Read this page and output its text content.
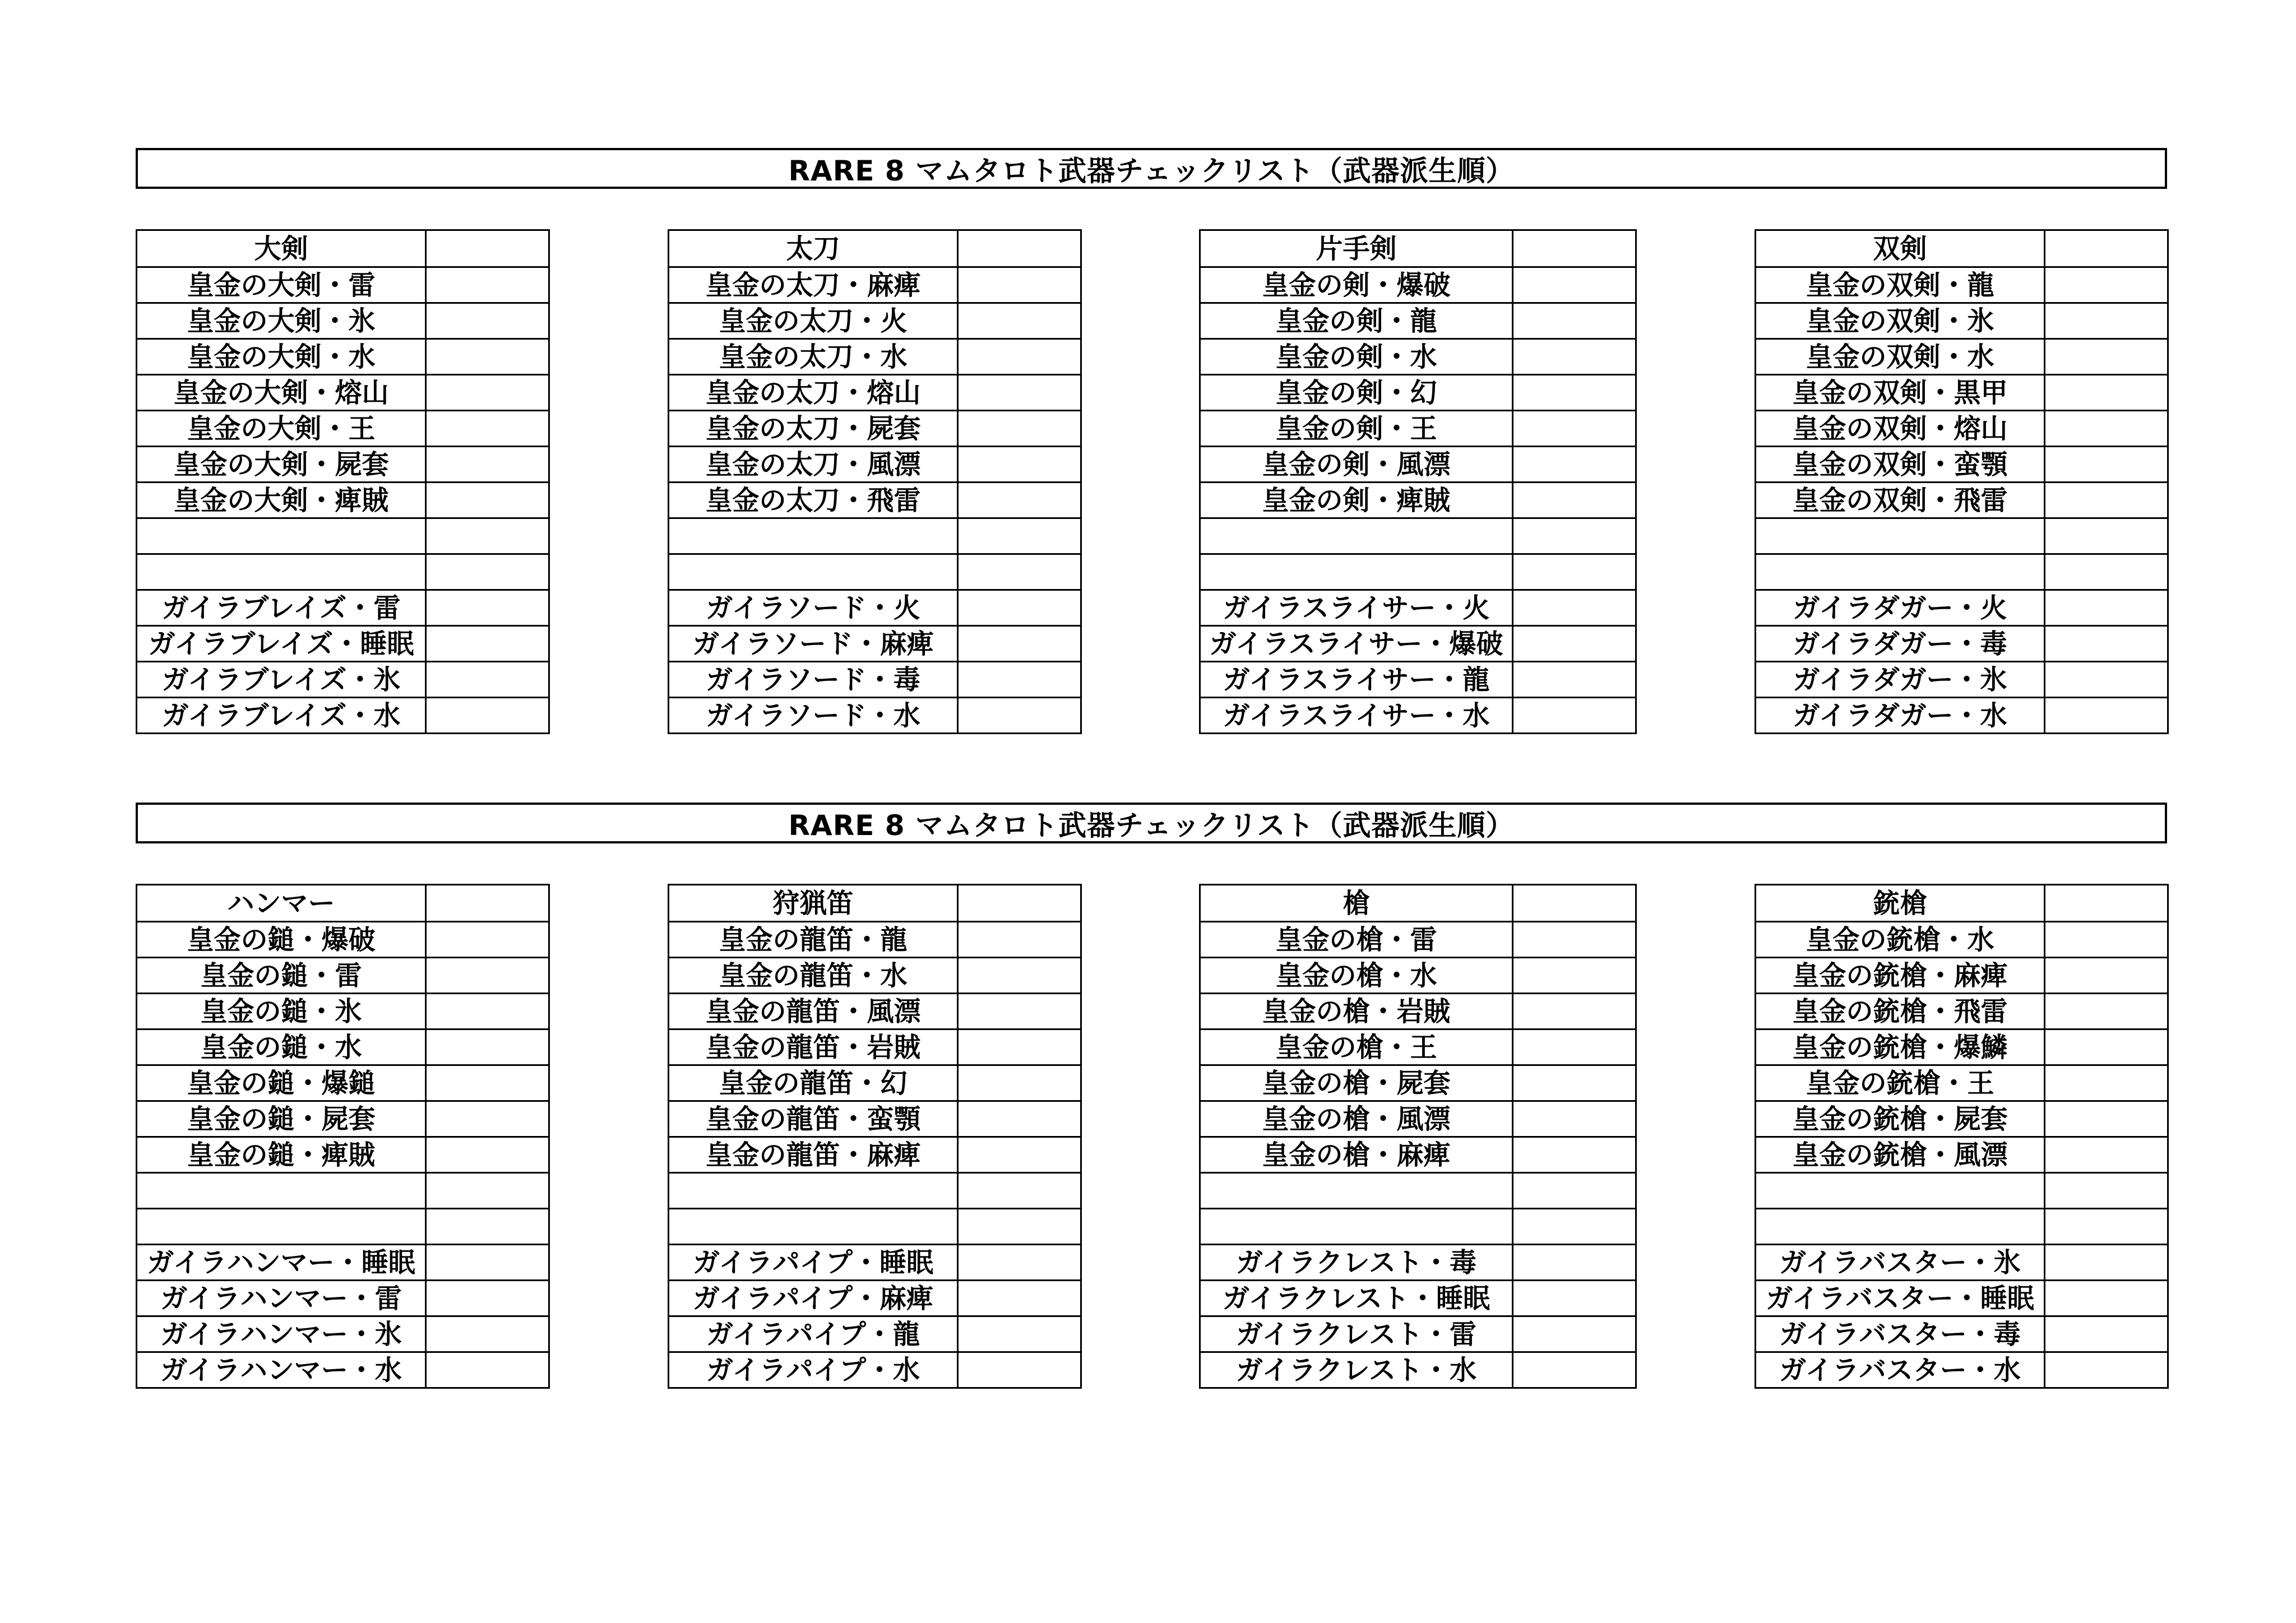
RARE 8 マムタロト武器チェックリスト（武器派生順）
RARE 8 マムタロト武器チェックリスト（武器派生順）
大剣	
皇金の大剣・雷	
皇金の大剣・氷	
皇金の大剣・水	
皇金の大剣・熔山	
皇金の大剣・王	
皇金の大剣・屍套	
皇金の大剣・痺賊	

ガイラブレイズ・雷	
ガイラブレイズ・睡眠	
ガイラブレイズ・氷	
ガイラブレイズ・水	
太刀	
皇金の太刀・麻痺	
皇金の太刀・火	
皇金の太刀・水	
皇金の太刀・熔山	
皇金の太刀・屍套	
皇金の太刀・風漂	
皇金の太刀・飛雷	

ガイラソード・火	
ガイラソード・麻痺	
ガイラソード・毒	
ガイラソード・水	
片手剣	
皇金の剣・爆破	
皇金の剣・龍	
皇金の剣・水	
皇金の剣・幻	
皇金の剣・王	
皇金の剣・風漂	
皇金の剣・痺賊	

ガイラスライサー・火	
ガイラスライサー・爆破	
ガイラスライサー・龍	
ガイラスライサー・水	
双剣	
皇金の双剣・龍	
皇金の双剣・氷	
皇金の双剣・水	
皇金の双剣・黒甲	
皇金の双剣・熔山	
皇金の双剣・蛮顎	
皇金の双剣・飛雷	

ガイラダガー・火	
ガイラダガー・毒	
ガイラダガー・氷	
ガイラダガー・水	
ハンマー	
皇金の鎚・爆破	
皇金の鎚・雷	
皇金の鎚・氷	
皇金の鎚・水	
皇金の鎚・爆鎚	
皇金の鎚・屍套	
皇金の鎚・痺賊	

ガイラハンマー・睡眠	
ガイラハンマー・雷	
ガイラハンマー・氷	
ガイラハンマー・水	
狩猟笛	
皇金の龍笛・龍	
皇金の龍笛・水	
皇金の龍笛・風漂	
皇金の龍笛・岩賊	
皇金の龍笛・幻	
皇金の龍笛・蛮顎	
皇金の龍笛・麻痺	

ガイラパイプ・睡眠	
ガイラパイプ・麻痺	
ガイラパイプ・龍	
ガイラパイプ・水	
槍	
皇金の槍・雷	
皇金の槍・水	
皇金の槍・岩賊	
皇金の槍・王	
皇金の槍・屍套	
皇金の槍・風漂	
皇金の槍・麻痺	

ガイラクレスト・毒	
ガイラクレスト・睡眠	
ガイラクレスト・雷	
ガイラクレスト・水	
銃槍	
皇金の銃槍・水	
皇金の銃槍・麻痺	
皇金の銃槍・飛雷	
皇金の銃槍・爆鱗	
皇金の銃槍・王	
皇金の銃槍・屍套	
皇金の銃槍・風漂	

ガイラバスター・氷	
ガイラバスター・睡眠	
ガイラバスター・毒	
ガイラバスター・水	
